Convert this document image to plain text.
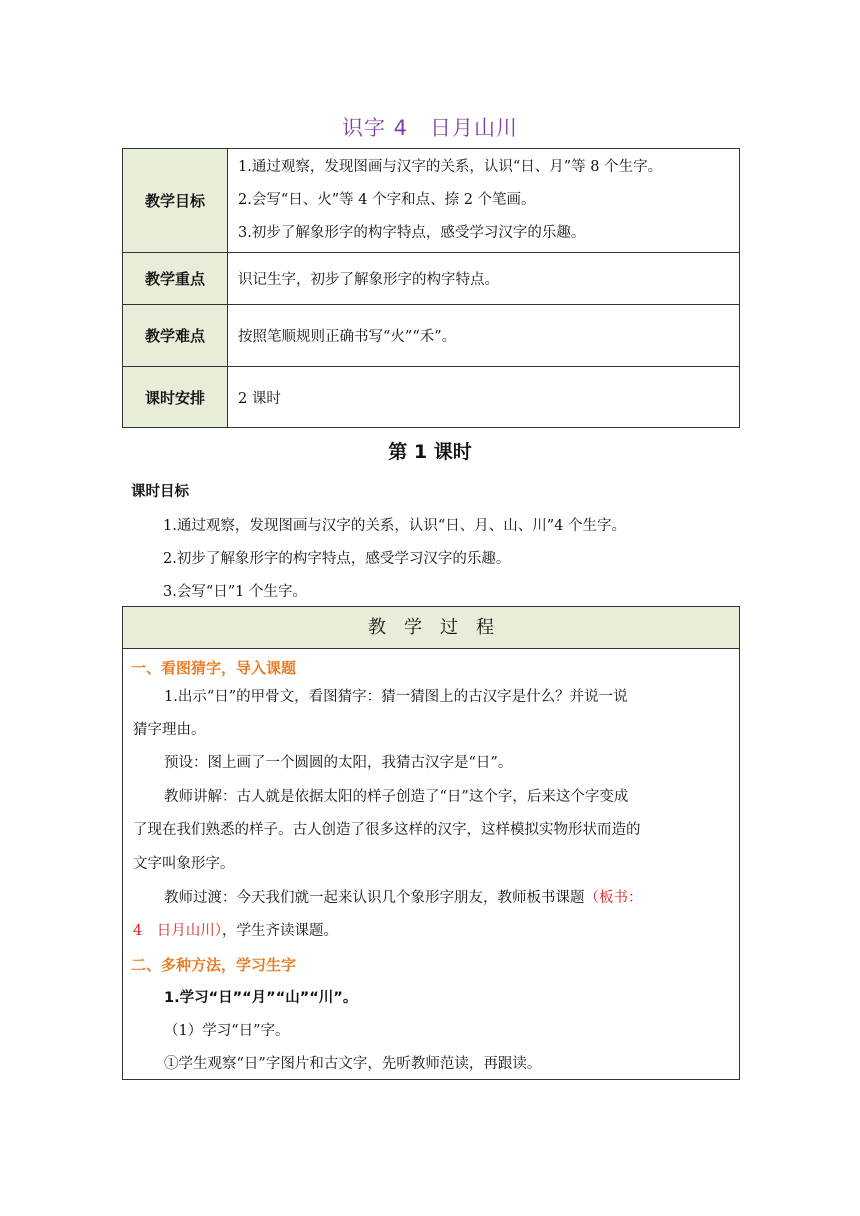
识字 4　日月山川
教学目标	1.通过观察，发现图画与汉字的关系，认识“日、月”等 8 个生字。
2.会写“日、火”等 4 个字和点、捺 2 个笔画。
3.初步了解象形字的构字特点，感受学习汉字的乐趣。

教学重点	识记生字，初步了解象形字的构字特点。
教学难点	按照笔顺规则正确书写“火”“禾”。
课时安排	2 课时
第 1 课时
课时目标
1.通过观察，发现图画与汉字的关系，认识“日、月、山、川”4 个生字。
2.初步了解象形字的构字特点，感受学习汉字的乐趣。
3.会写“日”1 个生字。
教学过程
一、看图猜字，导入课题
1.出示“日”的甲骨文，看图猜字：猜一猜图上的古汉字是什么？并说一说
猜字理由。
预设：图上画了一个圆圆的太阳，我猜古汉字是“日”。
教师讲解：古人就是依据太阳的样子创造了“日”这个字，后来这个字变成
了现在我们熟悉的样子。古人创造了很多这样的汉字，这样模拟实物形状而造的
文字叫象形字。
教师过渡：今天我们就一起来认识几个象形字朋友，教师板书课题（板书：
4　日月山川），学生齐读课题。
二、多种方法，学习生字
1.学习“日”“月”“山”“川”。
（1）学习“日”字。
①学生观察“日”字图片和古文字，先听教师范读，再跟读。
